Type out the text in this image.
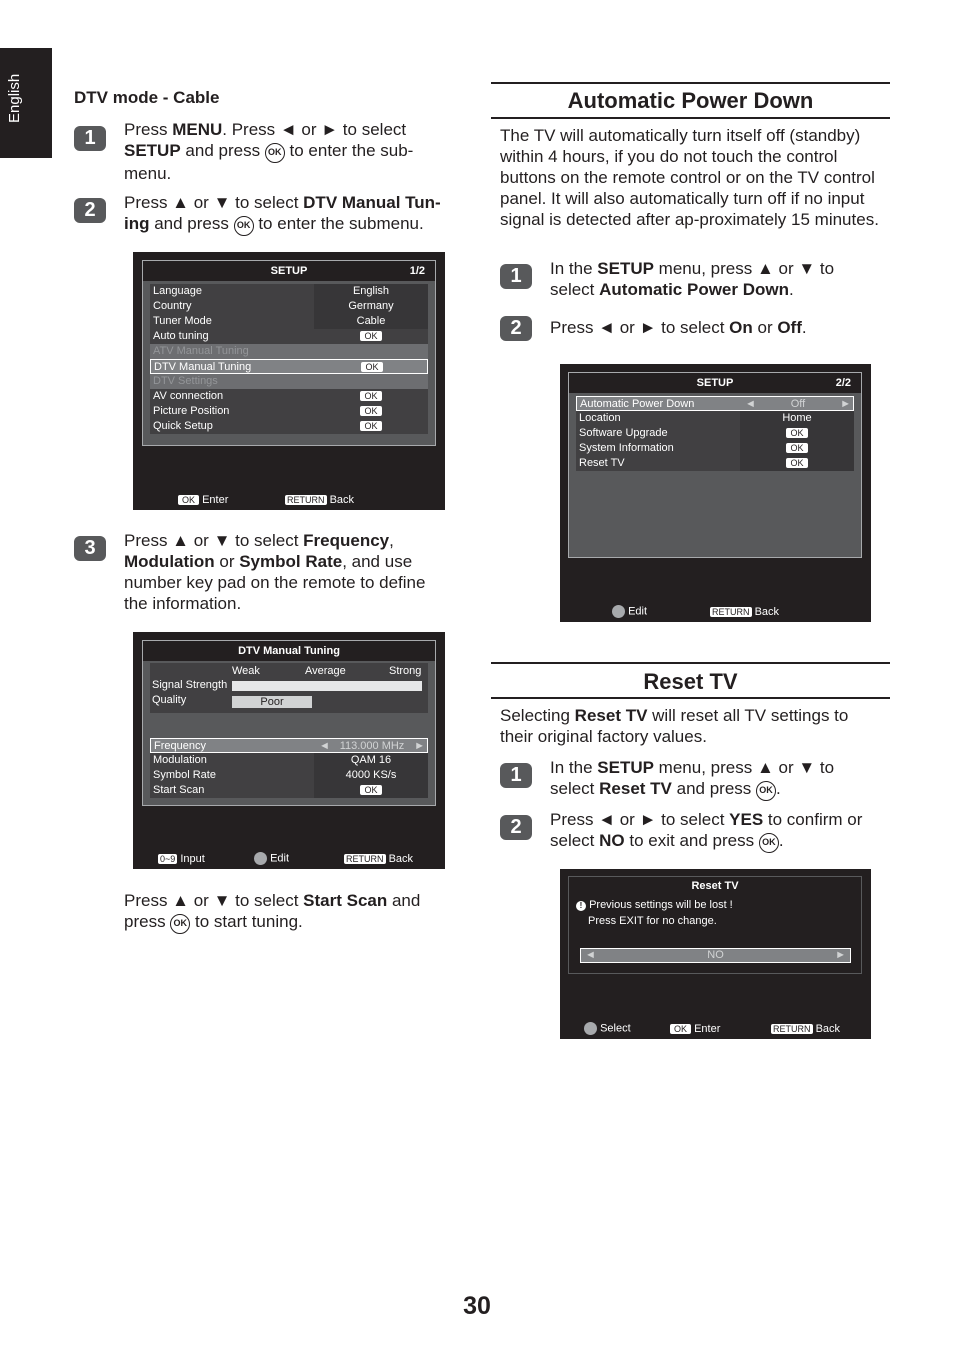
English	DTV mode - Cable
1	Press MENU. Press ◄ or ► to select SETUP and press OK to enter the sub-menu.
2	Press ▲ or ▼ to select DTV Manual Tun-ing and press OK to enter the submenu.
SETUP	1/2
Language	English
Country	Germany
Tuner Mode	Cable
Auto tuning	OK
ATV Manual Tuning
DTV Manual Tuning	OK
DTV Settings
AV connection	OK
Picture Position	OK
Quick Setup	OK
OK Enter	RETURN Back
3	Press ▲ or ▼ to select Frequency, Modulation or Symbol Rate, and use number key pad on the remote to define the information.
DTV Manual Tuning
Weak	Average	Strong
Signal Strength
Quality	Poor
Frequency	◄ 113.000 MHz ►
Modulation	QAM 16
Symbol Rate	4000 KS/s
Start Scan	OK
0~9 Input	Edit	RETURN Back
Press ▲ or ▼ to select Start Scan and press OK to start tuning.
Automatic Power Down
The TV will automatically turn itself off (standby) within 4 hours, if you do not touch the control buttons on the remote control or on the TV control panel. It will also automatically turn off if no input signal is detected after ap-proximately 15 minutes.
1	In the SETUP menu, press ▲ or ▼ to select Automatic Power Down.
2	Press ◄ or ► to select On or Off.
SETUP	2/2
Automatic Power Down	◄	Off	►
Location	Home
Software Upgrade	OK
System Information	OK
Reset TV	OK
Edit	RETURN Back
Reset TV
Selecting Reset TV will reset all TV settings to their original factory values.
1	In the SETUP menu, press ▲ or ▼ to select Reset TV and press OK .
2	Press ◄ or ► to select YES to confirm or select NO to exit and press OK .
Reset TV
! Previous settings will be lost !
Press EXIT for no change.
◄	NO	►
Select	OK Enter	RETURN Back
30
